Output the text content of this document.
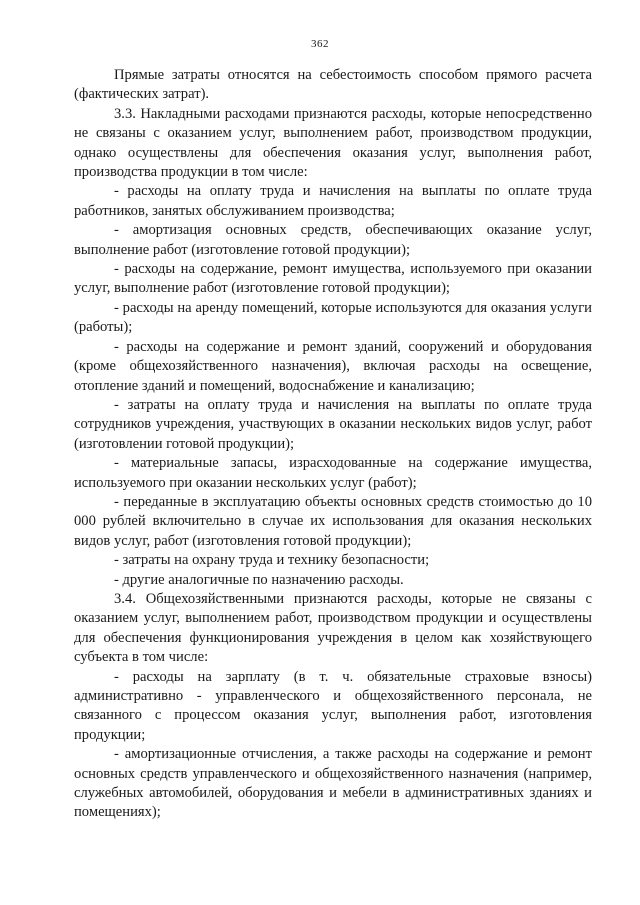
362

Прямые затраты относятся на себестоимость способом прямого расчета (фактических затрат).

3.3. Накладными расходами признаются расходы, которые непосредственно не связаны с оказанием услуг, выполнением работ, производством продукции, однако осуществлены для обеспечения оказания услуг, выполнения работ, производства продукции в том числе:

- расходы на оплату труда и начисления на выплаты по оплате труда работников, занятых обслуживанием производства;

- амортизация основных средств, обеспечивающих оказание услуг, выполнение работ (изготовление готовой продукции);

- расходы на содержание, ремонт имущества, используемого при оказании услуг, выполнение работ (изготовление готовой продукции);

- расходы на аренду помещений, которые используются для оказания услуги (работы);

- расходы на содержание и ремонт зданий, сооружений и оборудования (кроме общехозяйственного назначения), включая расходы на освещение, отопление зданий и помещений, водоснабжение и канализацию;

- затраты на оплату труда и начисления на выплаты по оплате труда сотрудников учреждения, участвующих в оказании нескольких видов услуг, работ (изготовлении готовой продукции);

- материальные запасы, израсходованные на содержание имущества, используемого при оказании нескольких услуг (работ);

- переданные в эксплуатацию объекты основных средств стоимостью до 10 000 рублей включительно в случае их использования для оказания нескольких видов услуг, работ (изготовления готовой продукции);

- затраты на охрану труда и технику безопасности;

- другие аналогичные по назначению расходы.

3.4. Общехозяйственными признаются расходы, которые не связаны с оказанием услуг, выполнением работ, производством продукции и осуществлены для обеспечения функционирования учреждения в целом как хозяйствующего субъекта в том числе:

- расходы на зарплату (в т. ч. обязательные страховые взносы) административно - управленческого и общехозяйственного персонала, не связанного с процессом оказания услуг, выполнения работ, изготовления продукции;

- амортизационные отчисления, а также расходы на содержание и ремонт основных средств управленческого и общехозяйственного назначения (например, служебных автомобилей, оборудования и мебели в административных зданиях и помещениях);
